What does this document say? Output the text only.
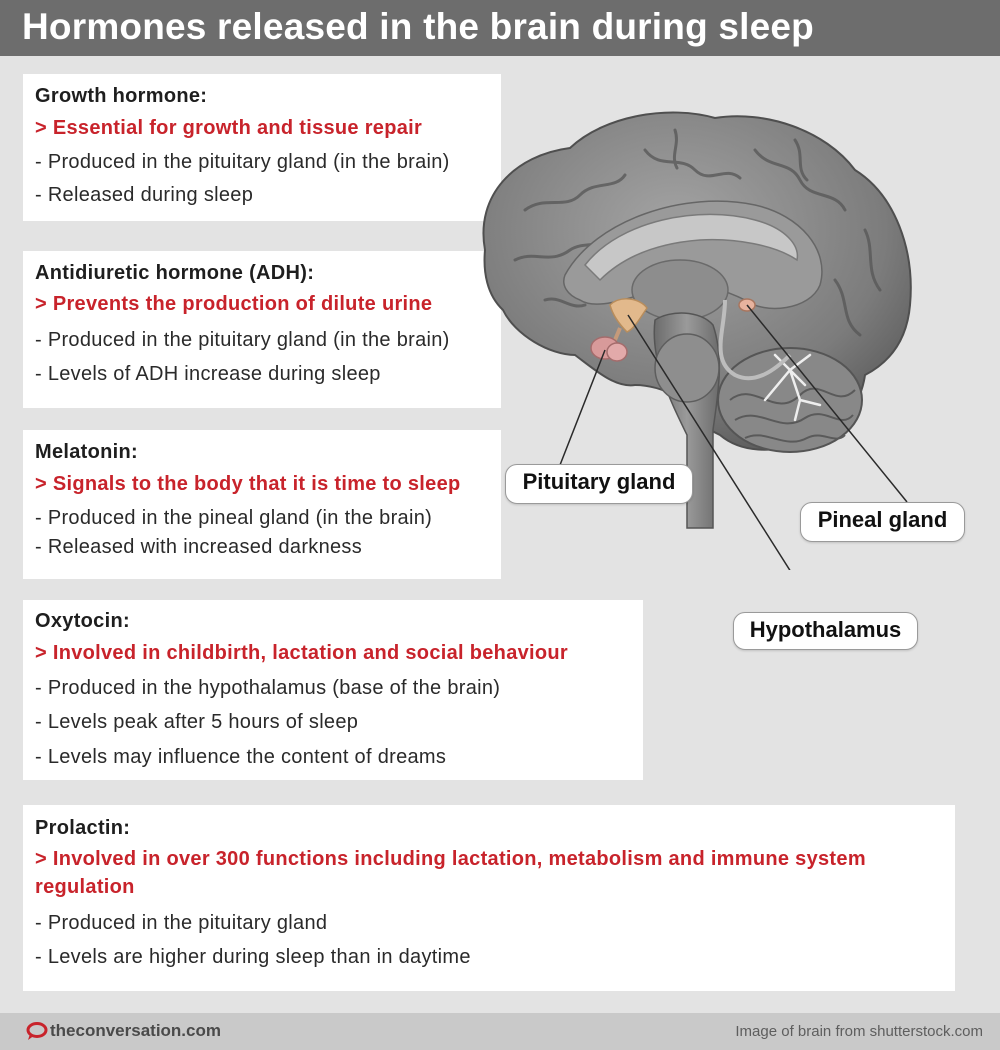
Hormones released in the brain during sleep
Growth hormone:
> Essential for growth and tissue repair
- Produced in the pituitary gland (in the brain)
- Released during sleep
Antidiuretic hormone (ADH):
> Prevents the production of dilute urine
- Produced in the pituitary gland (in the brain)
- Levels of ADH increase during sleep
Melatonin:
> Signals to the body that it is time to sleep
- Produced in the pineal gland (in the brain)
- Released with increased darkness
Oxytocin:
> Involved in childbirth, lactation and social behaviour
- Produced in the hypothalamus (base of the brain)
- Levels peak after 5 hours of sleep
- Levels may influence the content of dreams
Prolactin:
> Involved in over 300 functions including lactation, metabolism and immune system regulation
- Produced in the pituitary gland
- Levels are higher during sleep than in daytime
Pituitary gland
Pineal gland
Hypothalamus
theconversation.com	Image of brain from shutterstock.com
